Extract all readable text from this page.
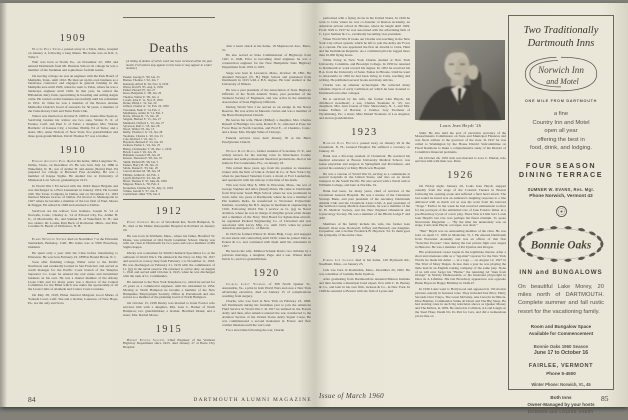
1909

Walter Eule Thomas passed away in a Tulsa, Okla., hospital on January 4, following a long illness. His home was on R.R. 2, Tulsa 5.

Walt was born at North, Pa., on November 22, 1881 and entered Dartmouth from Mt. Hermon School. In college he was a member of the freshman and sophomore football teams.

On leaving college, he was an engineer with the Park Board of Memphis, Tenn., until 1912. He then set up his own business as a landscape contractor and engaged in general farming in the Memphis area until 1920, when he went to Tulsa, where he was a landscape engineer until 1926. In that year, he started the Hillandale dairy farm, specializing in breeding and selling Angus cattle. He carried on this business successfully until his retirement in 1951. In Tulsa he was a member of the Boston Avenue Methodist Church's board of stewards for 36 years, a member of the Tulsa Rotary Club and Tulsa Farm Club.

Walter was married on October 8, 1909 to Jeanie Mae Spencer. Surviving besides his widow are two sons, Walter E. Jr. of Eureka, Calif. and Paul S. of Tulsa; a daughter, Mrs. Warren Bartholic of Kansas City; a brother, Phillip '04 of Tulsa; and a sister, Mrs. Anna Nichols of New York; five grandchildren and three great-grandchildren. David Thomas '07 was a brother.

1910

Edward Augustus Paul died at his home, 3404 Longview St., Dallas, Texas, on December 23. He was born July 14, 1886 at Wakefield, N. H., son of Arthur H. and Annie (Nairn) Paul. Ed prepared for college at Brewster Free Academy. He was a member of Kappa Sigma. He studied law at University of Minnesota Law School, graduating in 1913.

In World War I Ed served with the 163rd Depot Brigade and was discharged as a First Lieutenant in January 1919. He located with The Texas Company in Dallas and on November 21, 1923 married Marian Graves of Dallas. Ed moved to Minneapolis in 1927 where he became a member of the law firm of Paul, Moore & Dugger. He retired in 1948 and returned to Dallas.

Survivors are his widow; four brothers, Joseph N. '12 of Norwalk, Conn., Chesley A. '14 of Elwood City, Pa., Arthur H. Jr., of Morrisville, Pa., and Samuel H. of Wakefield, N. H.; and two sisters, Dr. Louise Paul Beck of Rochester, Minn., and Mrs. Caroline N. Beach of Wolfeboro, N. H.

Elmer Winfield Snyder died on November 7 at the Elleventh Sanitarium, Berkeley, Calif. His home was at 5500 Broadway, Oakland.

He spent only a year with the Class before transferring to Princeton. He was born February 22, 1888 in Bound Brook, N. J.

Soon after finishing college, Elmer went to the Pacific Northwest and eventually located in San Francisco and served as credit manager for the Pacific Coast branch of the Sharples Separator Co. Later he entered the real estate and investment business on his own. He was a charter member of the Albany Lions Club and for many years was a director of the Central Committee for the Blind which was under the sponsorship of all the Lions Clubs of Alameda and Contra Costa Counties.

On May 28, 1918, Elmer married Margaret Good Marks of Yolanda Court, Calif. She and a brother, Laurence, of New Hope, Pa., are the only survivors.

Deaths

[A listing of deaths of which word has been received within the past month. Full notices may appear in this issue or may appear in a later number.]

Pender, George E. '99, Jan. 25
Barnes, Thomas J. '02, Jan. 7
Kennedy, Alfred R. '02, Nov. 9, 1959
Oliver, Karl H. '05, Aug. 9, 1959
Parker, Harold '07, Jan. 27
Knox, Benjamin C. '08, Jan. 26
Thomas, Walter E. '09, Jan. 4
Lovell, John P. '11, Nov. 8, 1959
Drake, Philip J. '12, Jan. 20
Gilbert, Chester A. '12, Feb. 24, 1959
Trevanian, Nash V. '14, Feb. 2
Maddalena, Arthur D. '14, Feb. 5
Davis, Winsor R. '15, Jan. 18
Sargent, Herbert E. '15, Jan. 27
Meinhold, Clifford L. '16, Jan. 27
Syverson, Rolf C. '18, Jan. 28
Wood, Walter '18, Jan. 15
Reilly, Thomas J. Jr. '19, Jan. 28
Yeomans, Charles L. '20, Jan. 15
Cole, Richard J. '22, Jan. 5
Haydock, Bernard P. '23, Jan. 29
Jackson, Parker L. '24, Jan. 25
Bailey, Christopher T. '26, Dec. 1, 1959
Heydt, Louis J. '26, Jan. 29
Bohunek, Leonard '28, Jan. 25
Kinson, Thornton P. '28, Jan. 10
Smith, Richard H. '28, Jan. 5
Enders, Harry H. '29, Jan. 21
Stride, Duane E. '33, Jan. 18
Carroll, Robert M. '38, Jan. 18
Phillips, Arthur K. '42, Feb. 1
Lynch, Richard D. '43, Jan. 20
Hurst, Thomas P. '47, June 29, 1959
Magoon, Bruce A. '50, Feb. 4
Kornelsen, Charles M. '55, July 11, 1959
Schine, Gerald S. '57, Jan. 8
Carmichael, Omer '57h, Jan. 9
1912

Philip Jennison Drake of Woodland Rd., North Hampton, N. H., died at the Maine Osteopathic Hospital in Portland on January 20.

He was born in Waltham, Mass., where his father, Bradford W. Drake, was principal of Old North Grammar School. Ducky was with our class at Dartmouth for two years and was a member of Phi Sigma Kappa.

Ducky was a salesman for Smith Chemical Specialties Co. at the outbreak of World War I. He enlisted in the Navy on May 30, 1917 and served on convoy duty from February 1 to November 11, 1918. He was discharged on February 21, 1919 with the commission of Lt. (jg) in the naval reserve. He returned to active duty on August 1, 1941 and served until October 4, 1945, when he was discharged with the rank of Lt. Commander.

He returned to the New York Telephone Co. which he served for 25 years as a commercial engineer, until his retirement in 1954. Moving to North Hampton he became a member of the New Hampshire Employment Security Office in Portsmouth and also served as a member of the planning board of North Hampton.

On October 15, 1938 Ducky was married to Irene Fowler who survives him with a daughter, Mrs. Jean C. Barker of North Hampton; two grandchildren; a brother, Bradford Drake; and a sister, Mrs. Rachel Morse.

1915

Hubert Eugene Sargent, Chief Engineer of the Vermont Highway Department since 1925, died January 27 at Barre City Hospital

after a heart attack at his home, 18 Maplewood Ave., Barre, Vt.

He also served as State Commissioner of Highways from 1941 to 1949. Prior to becoming chief engineer, he was a construction engineer for the New Hampshire State Highway Department from 1919 to 1925.

Sarge was born in Lawrence, Mass., October 18, 1891. He attended Newport (N. H.) High School and graduated from Dartmouth in 1915 with a B.S. degree. He later studied at the University of Illinois.

He was a past president of the Association of State Highway Officials of the North Atlantic States, past president of the Vermont Society of Engineers, and was active in the American Association of State Highway Officials.

During World War I he served as an ensign in the Naval Reserve. He was active in Masonic circles and was a member of the Barre Presbyterian Church.

He leaves his wife, Hazel (Miller); a daughter, Mrs. Charles Russell of Hastings; two sons, Robert E. Jr., stationed at Pope Air Force Base in North Carolina, and Fred E., of Cheshire, Conn.; and a sister, Mrs. Dwight Stiles of Chicago.

Funeral services were held January 30 at the Barre Presbyterian Church.

Winsor Rand Davis, former resident of Scarsdale, N. Y., and widely known for his starring roles in Westchester County amateur and semi-professional theatrical productions, died at his home in Fort Lauderdale, Fla., on January 18.

Win retired three years ago from his position as insurance broker with the firm of John A. Eckert & Co. of New York City, when he purchased Venetian Court, a motel at Fort Lauderdale, and operated it with his wife up to the time of his death.

Win was born May 8, 1892 in Worcester, Mass., the son of George Stephen and Alice (Reed) Davis. He came to Dartmouth from Worcester South High School where he was prominent in track. After two years at Dartmouth, where he was a member of Phi Gamma Delta, he transferred to Worcester Polytechnic Institute, receiving his B.S. degree in mechanical engineering in 1916. Following World War I service as Lt. (jg) in Naval Aviation, where he was in charge of dirigible power plant design and a member of the Navy Trial Board for lighter-than-aircraft, he organized Packard Engineering Co. of Cleveland and was associated with Lavey Mfg. Co. until 1923, when he joined American Autoparts Co. of Detroit.

In 1925 he formed Winsor R. Davis Bldg. Corp. and engaged in real estate and contracting until 1930, when he joined John A. Eckert & Co. and continued with them until his retirement in 1957.

He leaves his wife, Mildred Schenk Davis; two children by a previous marriage, a daughter, Page, and a son, Winsor Reed Davis Jr.; and two grandchildren.

1920

Charles Leroy Yeomans of 308 North Quaker St., Alexandria, Va., a pilot in both World Wars and once a New York advertising executive, died on January 15 of complications resulting from surgery.

Charlie, who was born in New York on February 23, 1898, left Dartmouth during his freshman year to join the American Field Service in World War I. In 1917 he enlisted in the French Army and then, after America entered the war, transferred to the Aviation Section of the United States Army Signal Corps. He was commissioned a second lieutenant in France and flew combat missions until the war's end.

For a short time following the war, Charlie

84	DARTMOUTH ALUMNI MAGAZINE

performed with a flying circus in the United States. In 1920 he went to Cuba where he was co-founder of Ruston Academy, an American private school in Havana, where he taught until 1929. From 1929 to 1937 he was associated with the advertising firm of C. Lyon Sumner & Co., eventually becoming vice-president.

When World War II broke out Charlie was teaching in the New York City school system, which he left to join the Army Air Force as a captain. He was appointed the first air attaché to Cuba, Haiti and the Dominican Republic. As a command pilot he logged more than 10,000 flying hours.

While living in New York Charlie studied at New York University, Columbia, and Brooklyn College. In 1950 he returned to Dartmouth to work toward his degree. In 1952 he received his B.A. from the University of Santo Tomas in Havana. Until he went to Alexandria in 1956 he had been living in Cuba, teaching and writing. He published several books and many articles.

Charlie was an amateur archeologist. He collected many valuable objects of early Caribbean art which he later donated to Dartmouth and other colleges.

He is survived by his wife, the former Lilia Huyck, his childhood sweetheart; a son, Charles Yeomans Jr. '45; two daughters, Mrs. Jean Cuesta of New Shrewsbury, N. J., and Mrs. Janine Enfiere of Havana; a brother, Guy Yeomans of Wyomissing, Pa.; a sister, Miss Muriel Yeomans of Los Angeles; and eleven grandchildren.

1923

Barnard Paul Haydock passed away on January 29 in the Claremont, N. H., General Hospital. He suffered a coronary on January 19.

Hank was a life-long resident of Claremont. He received his medical education at Boston University Medical School, was house physician and surgeon in Springfield and Providence, and served his residency at Mary Hitchcock Hospital.

He was a veteran of World War II, serving as a commander at several hospitals in the United States, and also on an attack transport in the South Pacific. He also served with a Naval unit at Williams College, and later at Norfolk, Va.

Hank had been, for many years, chief of services of the Claremont General Hospital. He was a trustee of the Claremont Savings Bank, and past president of the Ascutney Dartmouth Alumni Club and the Claremont Lions Club. A past president of the Sullivan County Medical Association, he was a member of the N. H. Medical Society, and the New England Obstetrical and Gynecology Society. He was a member of the Hiram Lodge F and AM.

Members of his family include his wife, the former Jean Russell; three sons, Rockwell, Jeffrey and Bernard; one daughter, Jacqueline; and a brother Frederick B. Haydock '34. To them goes the sympathy of the entire class.

1924

Parker Lee Jackson died at his home, 126 Plymouth Rd., Needham, Mass., on January 25.

Jack was born in Roslindale, Mass., December 20, 1902. He was a member of Gamma Delta Upsilon.

After graduating from Dartmouth he attended Babson Institute and then became a municipal bond expert, first with C. D. Barney & Co., and later in his own firm, Jackson & Co., in New York. In 1948 he returned to Boston with the firm of Lyons and

Louis Jean Heydt '26

Stahr. He also held the post of executive secretary of the Massachusetts Commission on State and Municipal Finances and was fiscal adviser to the governor of the state. In 1947 he was called to Washington by the House District Subcommittee on Fiscal Relations to make a comprehensive study of the District of Columbia's financial problems.

On October 26, 1935 Jack was married to Lora C. Phelan, who survives him with their son, Peter.

1926

On Friday night, January 29, Louis Jean Heydt, stepped casually from the stage of the Colonial Theatre in Boston following his opening scene and suffered a fatal heart attack. The last sound he heard was an audience's laughing response to a line delivered with as much wit as was his wont from his beloved “Stage.” Earlier in the week he had received enthusiastic notices for his portrayal of the embattled role of Jane Fonda's father in a pre-Broadway tryout of a new play, There Was A Little Girl. Louis Jean Heydt's last role was perhaps his finest triumph. To quote Newsweek Magazine — “By the time his understudy was on stage, Louis Jean Heydt, a trouper, was dead.”

“Ben” Heydt was an outstanding member of the class. He was born on April 17, 1905 in Montclair, N. J. He entered Dartmouth from Worcester Academy and was an officer of that first “Selective Process” class during the last picture fight ever staged in Hanover. He was a member of Psi Upsilon and Dragon.

His professional career began in the legitimate theatre. After a short and strenuous stint as a “leg-man” reporter for the New York World, he made his debut — in a toga — on August 12, 1927 in The Trial of Mary Dugan. In less than a year he was playing the male lead in an English touring company of the same play. None of us will ever forget his “Home,” the returning GI “man from Orange” in Strictly Dishonorable, or his frustrated playwright in Once In A Lifetime. His last Broadway appearance was opposite Helen Hayes in Happy Birthday in 1946-47.

In 1936 Louis went to Hollywood and appeared in 150 motion pictures, usually in featured roles. They included Test Pilot, Thirty Seconds Over Tokyo, The Great McGinty, Abe Lincoln In Illinois, Dive Bomber, Commandos Strike At Dawn and The Big Sleep. He had starring roles in such big television shows as Quaker Money and The Killers, in 1959. He starred in Collision, A Loud Laugh on the Steel Hour, Death Do Us Part for Lux, and did a tremendous job in One on

Two Traditionally
Dartmouth Inns
Norwich Inn
and Motel
ONE MILE FROM DARTMOUTH
a fine
Country Inn and Motel
open all year
offering the best in
food, drink, and lodging.
FOUR SEASON
DINING TERRACE
SUMNER W. EVANS, Res. Mgr.
Phone Norwich, Vermont 43
Bonnie Oaks
INN and BUNGALOWS
On beautiful Lake Morey, 20 miles north of DARTMOUTH. Complete summer and fall rustic resort for the vacationing family.
Room and Bungalow Space
Available for Commencement
Bonnie Oaks 1960 Season
June 17 to October 16
FAIRLEE, VERMONT
Phone 5-4500
Winter Phone: Norwich, Vt., 45
Both Inns
Owner-Managed by your hosts
DOREEN and LOUISE AVERY
Issue of March 1960	85
